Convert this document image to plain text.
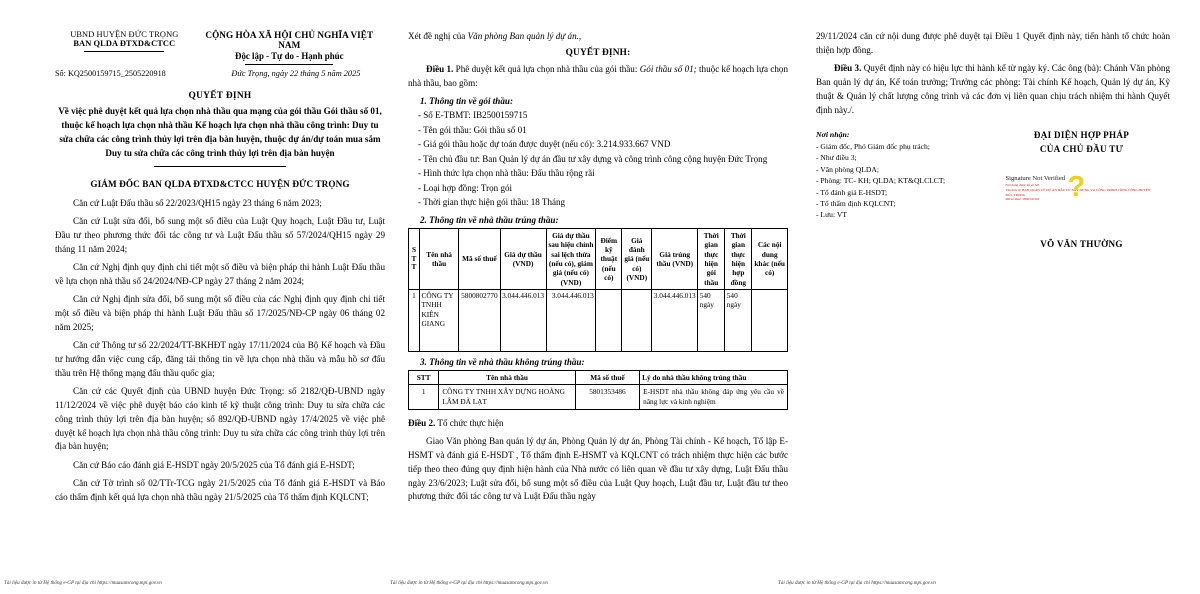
UBND HUYỆN ĐỨC TRỌNG
BAN QLDA ĐTXD&CTCC
CỘNG HÒA XÃ HỘI CHỦ NGHĨA VIỆT NAM
Độc lập - Tự do - Hạnh phúc
Số: KQ2500159715_2505220918	Đức Trọng, ngày 22 tháng 5 năm 2025
QUYẾT ĐỊNH
Về việc phê duyệt kết quả lựa chọn nhà thầu qua mạng của gói thầu Gói thầu số 01, thuộc kế hoạch lựa chọn nhà thầu Kế hoạch lựa chọn nhà thầu công trình: Duy tu sửa chữa các công trình thủy lợi trên địa bàn huyện, thuộc dự án/dự toán mua sắm Duy tu sửa chữa các công trình thủy lợi trên địa bàn huyện
GIÁM ĐỐC BAN QLDA ĐTXD&CTCC HUYỆN ĐỨC TRỌNG
Căn cứ Luật Đấu thầu số 22/2023/QH15 ngày 23 tháng 6 năm 2023;
Căn cứ Luật sửa đổi, bổ sung một số điều của Luật Quy hoạch, Luật Đầu tư, Luật Đầu tư theo phương thức đối tác công tư và Luật Đấu thầu số 57/2024/QH15 ngày 29 tháng 11 năm 2024;
Căn cứ Nghị định quy định chi tiết một số điều và biện pháp thi hành Luật Đấu thầu về lựa chọn nhà thầu số 24/2024/NĐ-CP ngày 27 tháng 2 năm 2024;
Căn cứ Nghị định sửa đổi, bổ sung một số điều của các Nghị định quy định chi tiết một số điều và biện pháp thi hành Luật Đấu thầu số 17/2025/NĐ-CP ngày 06 tháng 02 năm 2025;
Căn cứ Thông tư số 22/2024/TT-BKHĐT ngày 17/11/2024 của Bộ Kế hoạch và Đầu tư hướng dẫn việc cung cấp, đăng tải thông tin về lựa chọn nhà thầu và mẫu hồ sơ đấu thầu trên Hệ thống mạng đấu thầu quốc gia;
Căn cứ các Quyết định của UBND huyện Đức Trọng: số 2182/QĐ-UBND ngày 11/12/2024 về việc phê duyệt báo cáo kinh tế kỹ thuật công trình: Duy tu sửa chữa các công trình thủy lợi trên địa bàn huyện; số 892/QĐ-UBND ngày 17/4/2025 về việc phê duyệt kế hoạch lựa chọn nhà thầu công trình: Duy tu sửa chữa các công trình thủy lợi trên địa bàn huyện;
Căn cứ Báo cáo đánh giá E-HSDT ngày 20/5/2025 của Tổ đánh giá E-HSDT;
Căn cứ Tờ trình số 02/TTr-TCG ngày 21/5/2025 của Tổ đánh giá E-HSDT và Báo cáo thẩm định kết quả lựa chọn nhà thầu ngày 21/5/2025 của Tổ thẩm định KQLCNT;
Xét đề nghị của Văn phòng Ban quản lý dự án.,
QUYẾT ĐỊNH:
Điều 1. Phê duyệt kết quả lựa chọn nhà thầu của gói thầu: Gói thầu số 01; thuộc kế hoạch lựa chọn nhà thầu, bao gồm:
1. Thông tin về gói thầu:
- Số E-TBMT: IB2500159715
- Tên gói thầu: Gói thầu số 01
- Giá gói thầu hoặc dự toán được duyệt (nếu có): 3.214.933.667 VND
- Tên chủ đầu tư: Ban Quản lý dự án đầu tư xây dựng và công trình công cộng huyện Đức Trọng
- Hình thức lựa chọn nhà thầu: Đấu thầu rộng rãi
- Loại hợp đồng: Trọn gói
- Thời gian thực hiện gói thầu: 18 Tháng
2. Thông tin về nhà thầu trúng thầu:
S T T	Tên nhà thầu	Mã số thuế	Giá dự thầu (VND)	Giá dự thầu sau hiệu chỉnh sai lệch thừa (nếu có), giảm giá (nếu có) (VND)	Điểm kỹ thuật (nếu có)	Giá đánh giá (nếu có) (VND)	Giá trúng thầu (VND)	Thời gian thực hiện gói thầu	Thời gian thực hiện hợp đồng	Các nội dung khác (nếu có)
1	CÔNG TY TNHH KIÊN GIANG	5800802770	3.044.446.013	3.044.446.013			3.044.446.013	540 ngày	540 ngày	
3. Thông tin về nhà thầu không trúng thầu:
STT	Tên nhà thầu	Mã số thuế	Lý do nhà thầu không trúng thầu
1	CÔNG TY TNHH XÂY DỰNG HOÀNG LÂM ĐÀ LẠT	5801353486	E-HSDT nhà thầu không đáp ứng yêu cầu về năng lực và kinh nghiệm
Điều 2. Tổ chức thực hiện
Giao Văn phòng Ban quản lý dự án, Phòng Quản lý dự án, Phòng Tài chính - Kế hoạch, Tổ lập E-HSMT và đánh giá E-HSDT , Tổ thẩm định E-HSMT và KQLCNT có trách nhiệm thực hiện các bước tiếp theo theo đúng quy định hiện hành của Nhà nước có liên quan về đầu tư xây dựng, Luật Đấu thầu ngày 23/6/2023; Luật sửa đổi, bổ sung một số điều của Luật Quy hoạch, Luật đầu tư, Luật đầu tư theo phương thức đối tác công tư và Luật Đấu thầu ngày
29/11/2024 căn cứ nội dung được phê duyệt tại Điều 1 Quyết định này, tiến hành tổ chức hoàn thiện hợp đồng.
Điều 3. Quyết định này có hiệu lực thi hành kể từ ngày ký. Các ông (bà): Chánh Văn phòng Ban quản lý dự án, Kế toán trưởng; Trưởng các phòng: Tài chính Kế hoạch, Quản lý dự án, Kỹ thuật & Quản lý chất lượng công trình và các đơn vị liên quan chịu trách nhiệm thi hành Quyết định này./.
Nơi nhận:
- Giám đốc, Phó Giám đốc phụ trách;
- Như điều 3;
- Văn phòng QLDA;
- Phòng: TC- KH; QLDA; KT&QLCLCT;
- Tổ đánh giá E-HSDT;
- Tổ thẩm định KQLCNT;
- Lưu: VT
ĐẠI DIỆN HỢP PHÁP
CỦA CHỦ ĐẦU TƯ
Signature Not Verified
Nội dung được ký số bởi
Tên đơn vị: BAN QUẢN LÝ DỰ ÁN ĐẦU TƯ XÂY DỰNG VÀ CÔNG TRÌNH CÔNG CỘNG HUYỆN ĐỨC TRỌNG
Mã số thuế: 5800345302 ?
VÕ VĂN THƯỜNG
Tài liệu được in từ Hệ thống e-GP tại địa chỉ https://muasamcong.mpi.gov.vn	Tài liệu được in từ Hệ thống e-GP tại địa chỉ https://muasamcong.mpi.gov.vn	Tài liệu được in từ Hệ thống e-GP tại địa chỉ https://muasamcong.mpi.gov.vn
